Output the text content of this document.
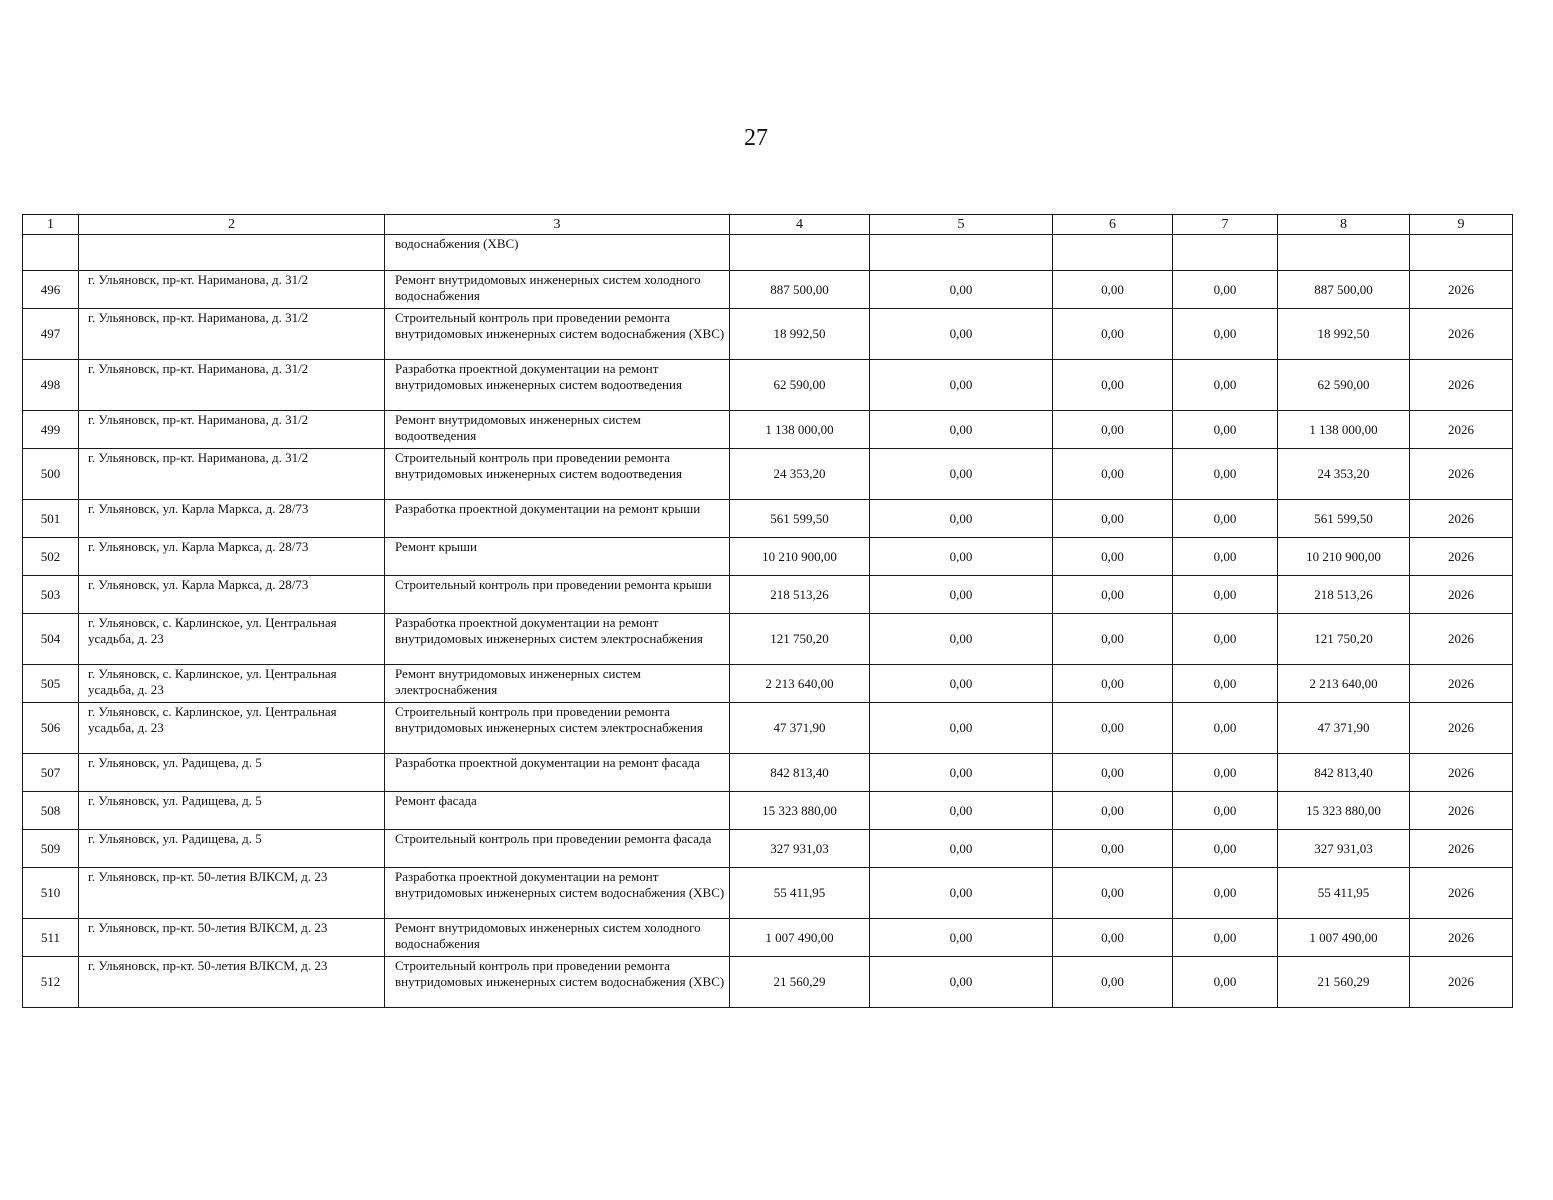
27
1	2	3	4	5	6	7	8	9
		водоснабжения (ХВС)						
496	г. Ульяновск, пр-кт. Нариманова, д. 31/2	Ремонт внутридомовых инженерных систем холодного водоснабжения	887 500,00	0,00	0,00	0,00	887 500,00	2026
497	г. Ульяновск, пр-кт. Нариманова, д. 31/2	Строительный контроль при проведении ремонта внутридомовых инженерных систем водоснабжения (ХВС)	18 992,50	0,00	0,00	0,00	18 992,50	2026
498	г. Ульяновск, пр-кт. Нариманова, д. 31/2	Разработка проектной документации на ремонт внутридомовых инженерных систем водоотведения	62 590,00	0,00	0,00	0,00	62 590,00	2026
499	г. Ульяновск, пр-кт. Нариманова, д. 31/2	Ремонт внутридомовых инженерных систем водоотведения	1 138 000,00	0,00	0,00	0,00	1 138 000,00	2026
500	г. Ульяновск, пр-кт. Нариманова, д. 31/2	Строительный контроль при проведении ремонта внутридомовых инженерных систем водоотведения	24 353,20	0,00	0,00	0,00	24 353,20	2026
501	г. Ульяновск, ул. Карла Маркса, д. 28/73	Разработка проектной документации на ремонт крыши	561 599,50	0,00	0,00	0,00	561 599,50	2026
502	г. Ульяновск, ул. Карла Маркса, д. 28/73	Ремонт крыши	10 210 900,00	0,00	0,00	0,00	10 210 900,00	2026
503	г. Ульяновск, ул. Карла Маркса, д. 28/73	Строительный контроль при проведении ремонта крыши	218 513,26	0,00	0,00	0,00	218 513,26	2026
504	г. Ульяновск, с. Карлинское, ул. Центральная усадьба, д. 23	Разработка проектной документации на ремонт внутридомовых инженерных систем электроснабжения	121 750,20	0,00	0,00	0,00	121 750,20	2026
505	г. Ульяновск, с. Карлинское, ул. Центральная усадьба, д. 23	Ремонт внутридомовых инженерных систем электроснабжения	2 213 640,00	0,00	0,00	0,00	2 213 640,00	2026
506	г. Ульяновск, с. Карлинское, ул. Центральная усадьба, д. 23	Строительный контроль при проведении ремонта внутридомовых инженерных систем электроснабжения	47 371,90	0,00	0,00	0,00	47 371,90	2026
507	г. Ульяновск, ул. Радищева, д. 5	Разработка проектной документации на ремонт фасада	842 813,40	0,00	0,00	0,00	842 813,40	2026
508	г. Ульяновск, ул. Радищева, д. 5	Ремонт фасада	15 323 880,00	0,00	0,00	0,00	15 323 880,00	2026
509	г. Ульяновск, ул. Радищева, д. 5	Строительный контроль при проведении ремонта фасада	327 931,03	0,00	0,00	0,00	327 931,03	2026
510	г. Ульяновск, пр-кт. 50-летия ВЛКСМ, д. 23	Разработка проектной документации на ремонт внутридомовых инженерных систем водоснабжения (ХВС)	55 411,95	0,00	0,00	0,00	55 411,95	2026
511	г. Ульяновск, пр-кт. 50-летия ВЛКСМ, д. 23	Ремонт внутридомовых инженерных систем холодного водоснабжения	1 007 490,00	0,00	0,00	0,00	1 007 490,00	2026
512	г. Ульяновск, пр-кт. 50-летия ВЛКСМ, д. 23	Строительный контроль при проведении ремонта внутридомовых инженерных систем водоснабжения (ХВС)	21 560,29	0,00	0,00	0,00	21 560,29	2026
